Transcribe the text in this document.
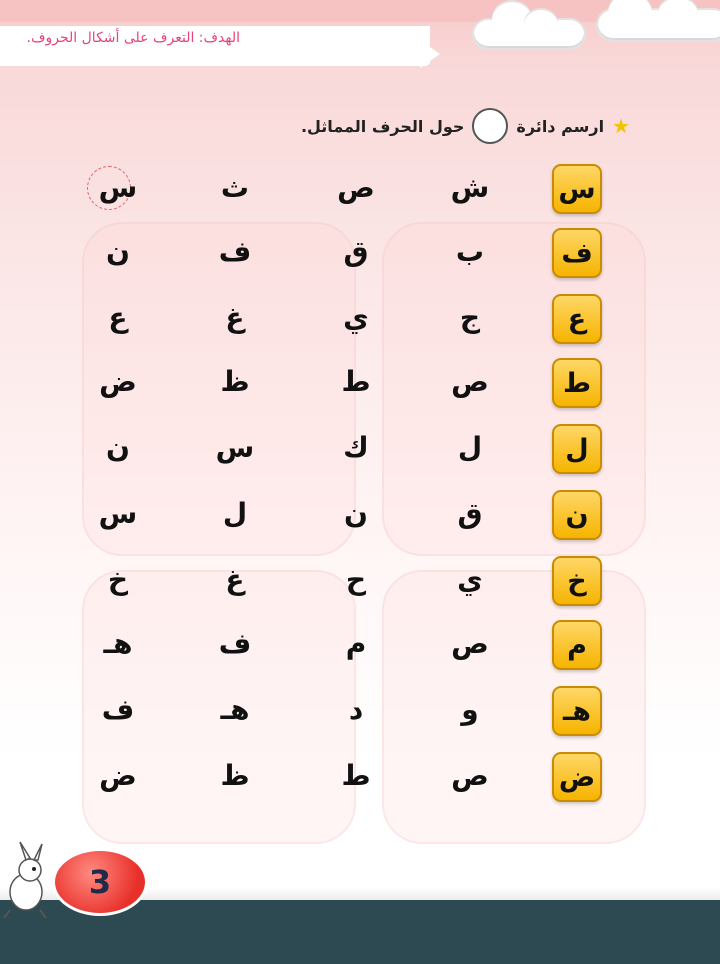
الهدف: التعرف على أشكال الحروف.
★
ارسم دائرة
حول الحرف المماثل.
س
ش
ص
ث
س
ف
ب
ق
ف
ن
ع
ج
ي
غ
ع
ط
ص
ط
ظ
ض
ل
ل
ك
س
ن
ن
ق
ن
ل
س
خ
ي
ح
غ
خ
م
ص
م
ف
هـ
هـ
و
د
هـ
ف
ض
ص
ط
ظ
ض
3
